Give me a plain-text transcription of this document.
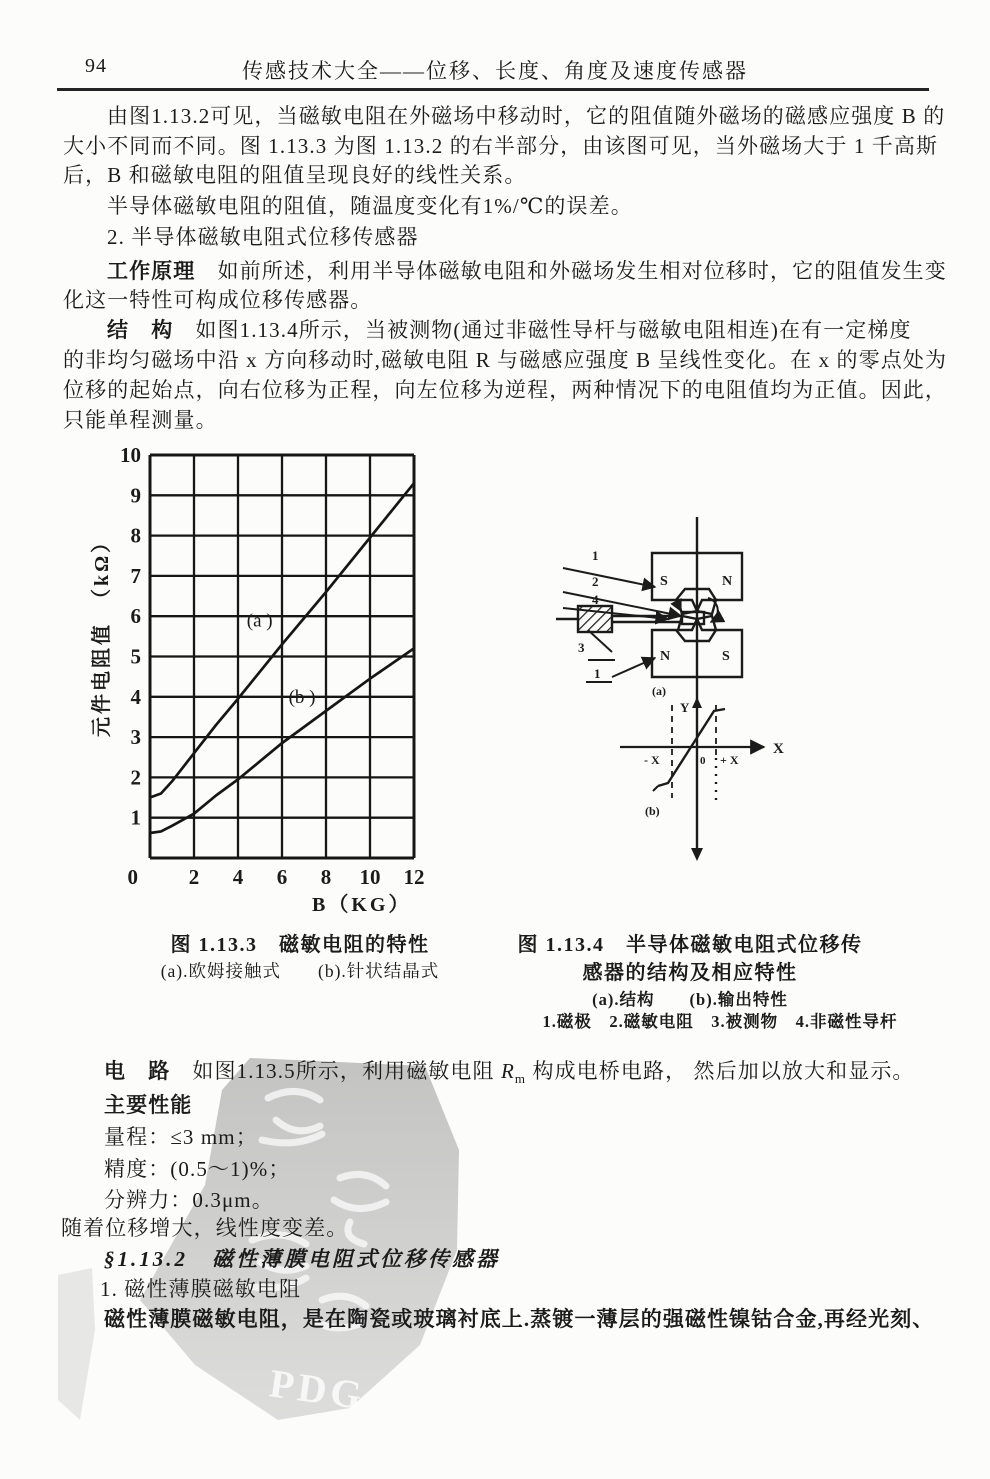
PDG
94	传感技术大全——位移、长度、角度及速度传感器
由图1.13.2可见，当磁敏电阻在外磁场中移动时，它的阻值随外磁场的磁感应强度 B 的
大小不同而不同。图 1.13.3 为图 1.13.2 的右半部分，由该图可见，当外磁场大于 1 千高斯
后，B 和磁敏电阻的阻值呈现良好的线性关系。
半导体磁敏电阻的阻值，随温度变化有1%/℃的误差。
2. 半导体磁敏电阻式位移传感器
工作原理　如前所述，利用半导体磁敏电阻和外磁场发生相对位移时，它的阻值发生变
化这一特性可构成位移传感器。
结　构　如图1.13.4所示，当被测物(通过非磁性导杆与磁敏电阻相连)在有一定梯度
的非均匀磁场中沿 x 方向移动时,磁敏电阻 R 与磁感应强度 B 呈线性变化。在 x 的零点处为
位移的起始点，向右位移为正程，向左位移为逆程，两种情况下的电阻值均为正值。因此，
只能单程测量。
1
2
3
4
5
6
7
8
9
10
0 2 4 6 8 10 12
B（KG）
元件电阻值　（kΩ）	(a )
(b )
1
2
4
3
1
S	N
N	S
(a)
Y
X
0
- X	+ X
(b)
图 1.13.3　磁敏电阻的特性
(a).欧姆接触式　　(b).针状结晶式
图 1.13.4　半导体磁敏电阻式位移传
感器的结构及相应特性
(a).结构　　(b).输出特性
1.磁极　2.磁敏电阻　3.被测物　4.非磁性导杆
电　路　如图1.13.5所示，利用磁敏电阻 $R_m$ 构成电桥电路， 然后加以放大和显示。
主要性能
量程：≤3 mm；
精度：(0.5～1)%；
分辨力：0.3μm。
随着位移增大，线性度变差。
§1.13.2　磁性薄膜电阻式位移传感器
1. 磁性薄膜磁敏电阻
磁性薄膜磁敏电阻，是在陶瓷或玻璃衬底上.蒸镀一薄层的强磁性镍钴合金,再经光刻、
